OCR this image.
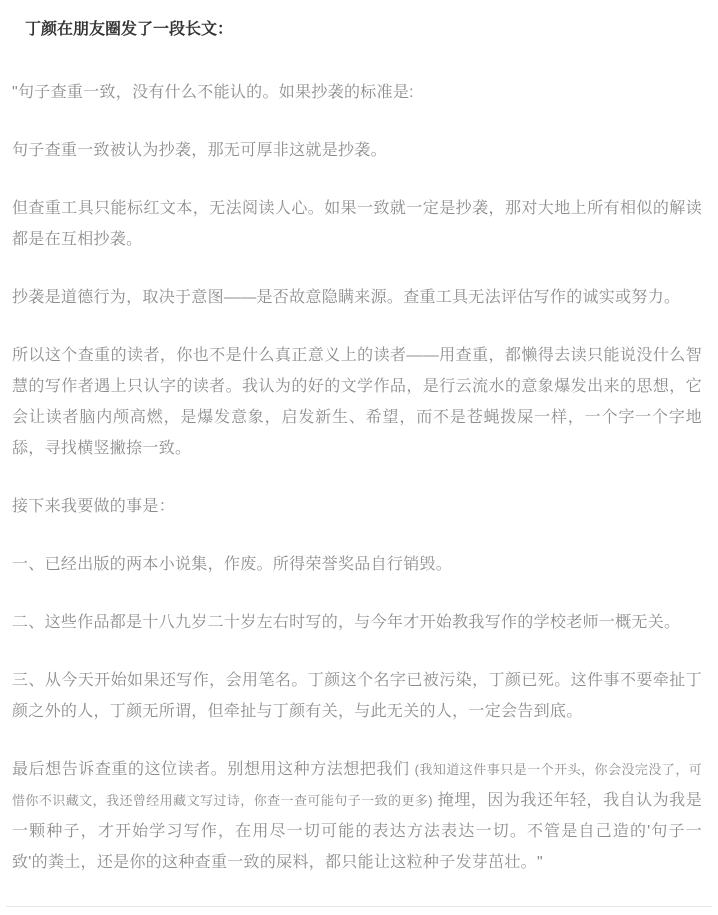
丁颜在朋友圈发了一段长文：

"句子查重一致，没有什么不能认的。如果抄袭的标准是:

句子查重一致被认为抄袭，那无可厚非这就是抄袭。

但查重工具只能标红文本，无法阅读人心。如果一致就一定是抄袭，那对大地上所有相似的解读都是在互相抄袭。

抄袭是道德行为，取决于意图——是否故意隐瞒来源。查重工具无法评估写作的诚实或努力。

所以这个查重的读者，你也不是什么真正意义上的读者——用查重，都懒得去读只能说没什么智慧的写作者遇上只认字的读者。我认为的好的文学作品，是行云流水的意象爆发出来的思想，它会让读者脑内颅高燃，是爆发意象，启发新生、希望，而不是苍蝇拨屎一样，一个字一个字地舔，寻找横竖撇捺一致。

接下来我要做的事是：

一、已经出版的两本小说集，作废。所得荣誉奖品自行销毁。

二、这些作品都是十八九岁二十岁左右时写的，与今年才开始教我写作的学校老师一概无关。

三、从今天开始如果还写作，会用笔名。丁颜这个名字已被污染，丁颜已死。这件事不要牵扯丁颜之外的人，丁颜无所谓，但牵扯与丁颜有关，与此无关的人，一定会告到底。

最后想告诉查重的这位读者。别想用这种方法想把我们 (我知道这件事只是一个开头，你会没完没了，可惜你不识藏文，我还曾经用藏文写过诗，你查一查可能句子一致的更多) 掩埋，因为我还年轻，我自认为我是一颗种子，才开始学习写作，在用尽一切可能的表达方法表达一切。不管是自己造的'句子一致'的粪土，还是你的这种查重一致的屎料，都只能让这粒种子发芽茁壮。"
